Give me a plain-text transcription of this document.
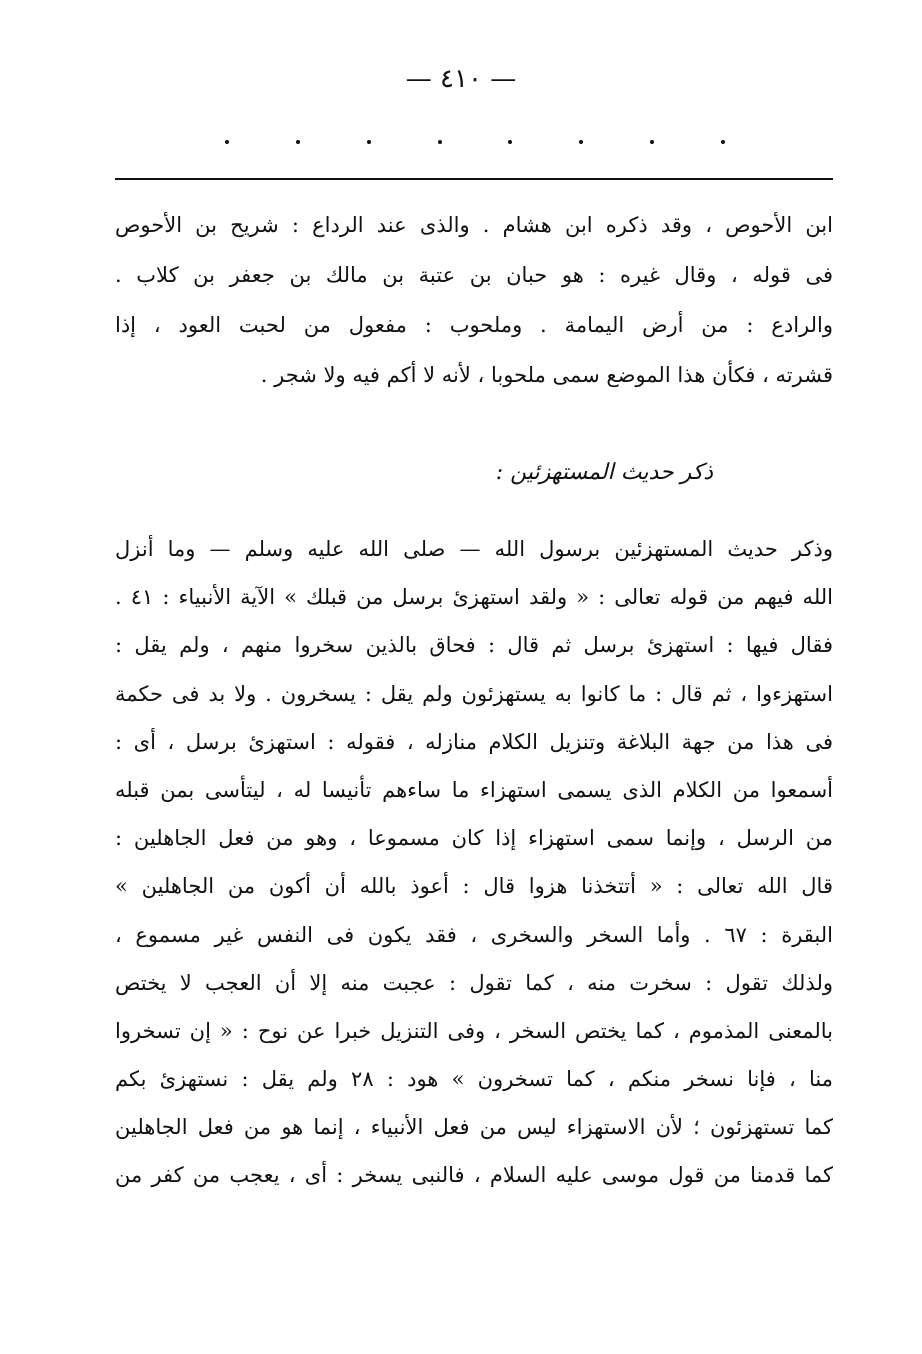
— ٤١٠ —
ابن الأحوص ، وقد ذكره ابن هشام . والذى عند الرداع : شريح بن الأحوص
فى قوله ، وقال غيره : هو حبان بن عتبة بن مالك بن جعفر بن كلاب .
والرادع : من أرض اليمامة . وملحوب : مفعول من لحبت العود ، إذا
قشرته ، فكأن هذا الموضع سمى ملحوبا ، لأنه لا أكم فيه ولا شجر .
ذكر حديث المستهزئين :
وذكر حديث المستهزئين برسول الله — صلى الله عليه وسلم — وما أنزل
الله فيهم من قوله تعالى : « ولقد استهزئ برسل من قبلك » الآية الأنبياء : ٤١ .
فقال فيها : استهزئ برسل ثم قال : فحاق بالذين سخروا منهم ، ولم يقل :
استهزءوا ، ثم قال : ما كانوا به يستهزئون ولم يقل : يسخرون . ولا بد فى حكمة
فى هذا من جهة البلاغة وتنزيل الكلام منازله ، فقوله : استهزئ برسل ، أى :
أسمعوا من الكلام الذى يسمى استهزاء ما ساءهم تأنيسا له ، ليتأسى بمن قبله
من الرسل ، وإنما سمى استهزاء إذا كان مسموعا ، وهو من فعل الجاهلين :
قال الله تعالى : « أتتخذنا هزوا قال : أعوذ بالله أن أكون من الجاهلين »
البقرة : ٦٧ . وأما السخر والسخرى ، فقد يكون فى النفس غير مسموع ،
ولذلك تقول : سخرت منه ، كما تقول : عجبت منه إلا أن العجب لا يختص
بالمعنى المذموم ، كما يختص السخر ، وفى التنزيل خبرا عن نوح : « إن تسخروا
منا ، فإنا نسخر منكم ، كما تسخرون » هود : ٢٨ ولم يقل : نستهزئ بكم
كما تستهزئون ؛ لأن الاستهزاء ليس من فعل الأنبياء ، إنما هو من فعل الجاهلين
كما قدمنا من قول موسى عليه السلام ، فالنبى يسخر : أى ، يعجب من كفر من
